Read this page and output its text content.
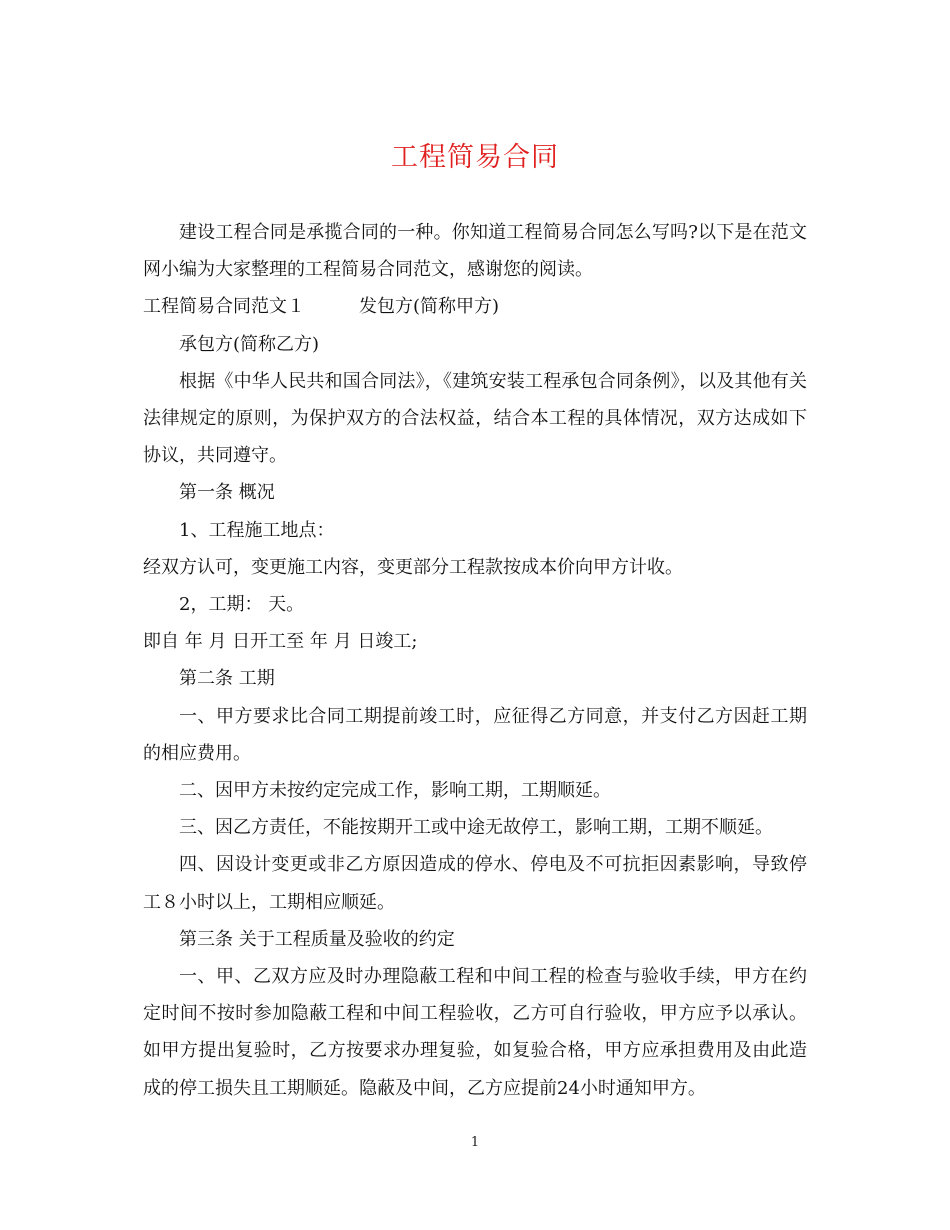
工程简易合同

建设工程合同是承揽合同的一种。你知道工程简易合同怎么写吗?以下是在范文网小编为大家整理的工程简易合同范文，感谢您的阅读。

工程简易合同范文１	发包方(简称甲方)

承包方(简称乙方)

根据《中华人民共和国合同法》，《建筑安装工程承包合同条例》，以及其他有关法律规定的原则，为保护双方的合法权益，结合本工程的具体情况，双方达成如下协议，共同遵守。

第一条 概况

1、工程施工地点：

经双方认可，变更施工内容，变更部分工程款按成本价向甲方计收。

2，工期： 天。

即自 年 月 日开工至 年 月 日竣工;

第二条 工期

一、甲方要求比合同工期提前竣工时，应征得乙方同意，并支付乙方因赶工期的相应费用。

二、因甲方未按约定完成工作，影响工期，工期顺延。

三、因乙方责任，不能按期开工或中途无故停工，影响工期，工期不顺延。

四、因设计变更或非乙方原因造成的停水、停电及不可抗拒因素影响，导致停工８小时以上，工期相应顺延。

第三条 关于工程质量及验收的约定

一、甲、乙双方应及时办理隐蔽工程和中间工程的检查与验收手续，甲方在约定时间不按时参加隐蔽工程和中间工程验收，乙方可自行验收，甲方应予以承认。如甲方提出复验时，乙方按要求办理复验，如复验合格，甲方应承担费用及由此造成的停工损失且工期顺延。隐蔽及中间，乙方应提前24小时通知甲方。

1
